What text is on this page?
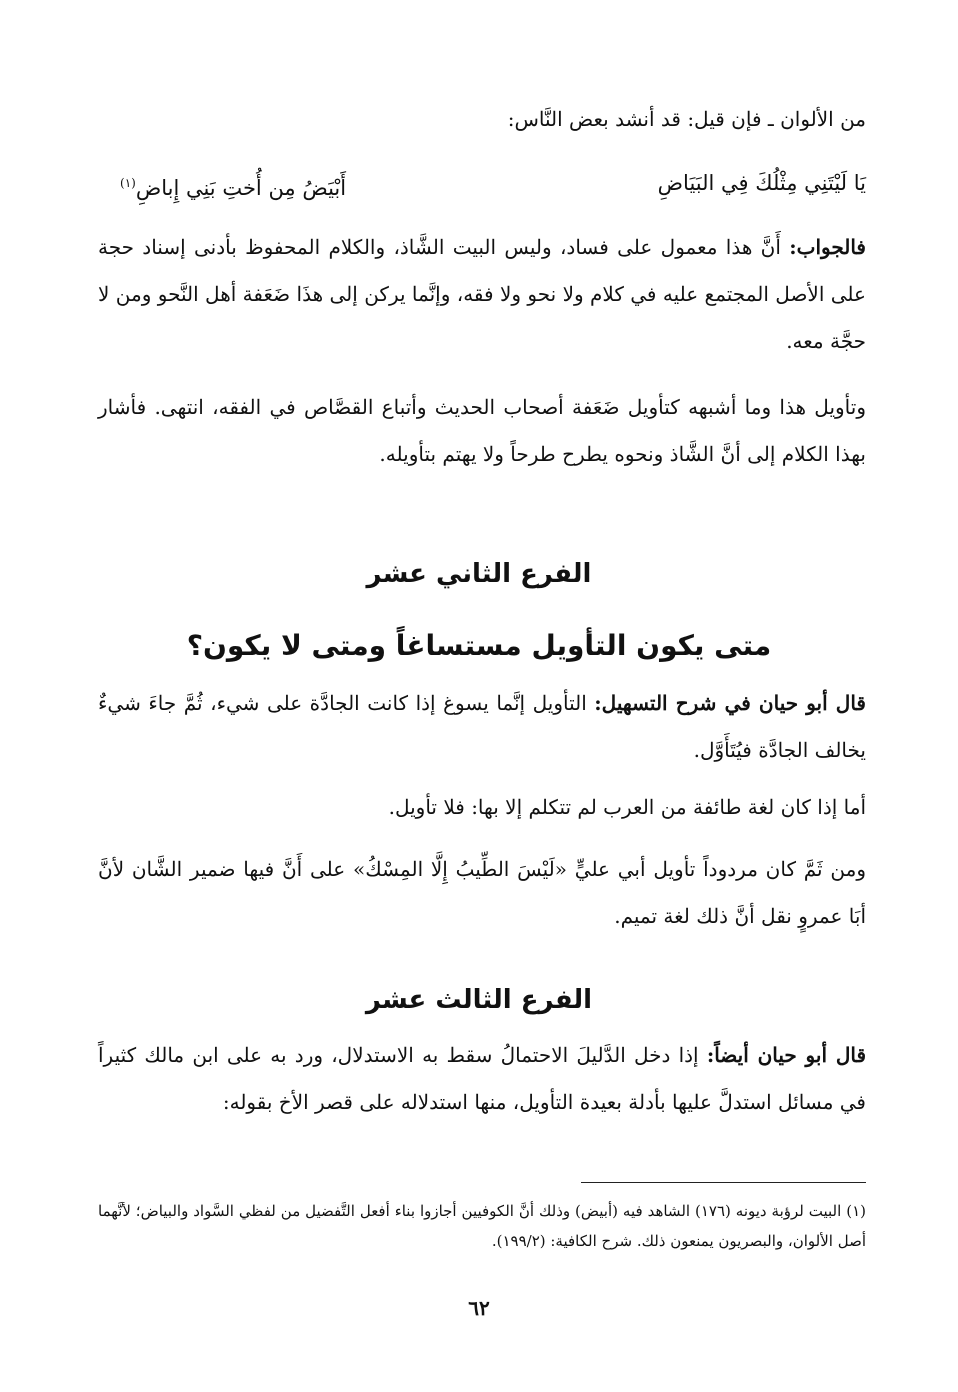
من الألوان ـ فإن قيل: قد أنشد بعض النَّاس:
يَا لَيْتَنِي مِثْلُكَ فِي البَيَاضِ
أَبْيَضُ مِن أُختِ بَنِي إِباضِ$^{(١)}$
فالجواب: أَنَّ هذا معمول على فساد، وليس البيت الشَّاذ، والكلام المحفوظ بأدنى إسناد حجة على الأصل المجتمع عليه في كلام ولا نحو ولا فقه، وإنَّما يركن إلى هذَا ضَعَفة أهل النَّحو ومن لا حجَّة معه.
وتأويل هذا وما أشبهه كتأويل ضَعَفة أصحاب الحديث وأتباع القصَّاص في الفقه، انتهى. فأشار بهذا الكلام إلى أنَّ الشَّاذ ونحوه يطرح طرحاً ولا يهتم بتأويله.
الفرع الثاني عشر
متى يكون التأويل مستساغاً ومتى لا يكون؟
قال أبو حيان في شرح التسهيل: التأويل إنَّما يسوغ إذا كانت الجادَّة على شيء، ثُمَّ جاءَ شيءٌ يخالف الجادَّة فيُتَأَوَّل.
أما إذا كان لغة طائفة من العرب لم تتكلم إلا بها: فلا تأويل.
ومن ثَمَّ كان مردوداً تأويل أبي عليٍّ «لَيْسَ الطِّيبُ إِلَّا المِسْكُ» على أَنَّ فيها ضمير الشَّان لأنَّ أبَا عمروٍ نقل أنَّ ذلك لغة تميم.
الفرع الثالث عشر
قال أبو حيان أيضاً: إذا دخل الدَّليلَ الاحتمالُ سقط به الاستدلال، ورد به على ابن مالك كثيراً في مسائل استدلَّ عليها بأدلة بعيدة التأويل، منها استدلاله على قصر الأخ بقوله:
(١) البيت لرؤبة ديونه (١٧٦) الشاهد فيه (أبيض) وذلك أنَّ الكوفيين أجازوا بناء أفعل التَّفضيل من لفظي السَّواد والبياض؛ لأنَّهما أصل الألوان، والبصريون يمنعون ذلك. شرح الكافية: (١٩٩/٢).
٦٢
